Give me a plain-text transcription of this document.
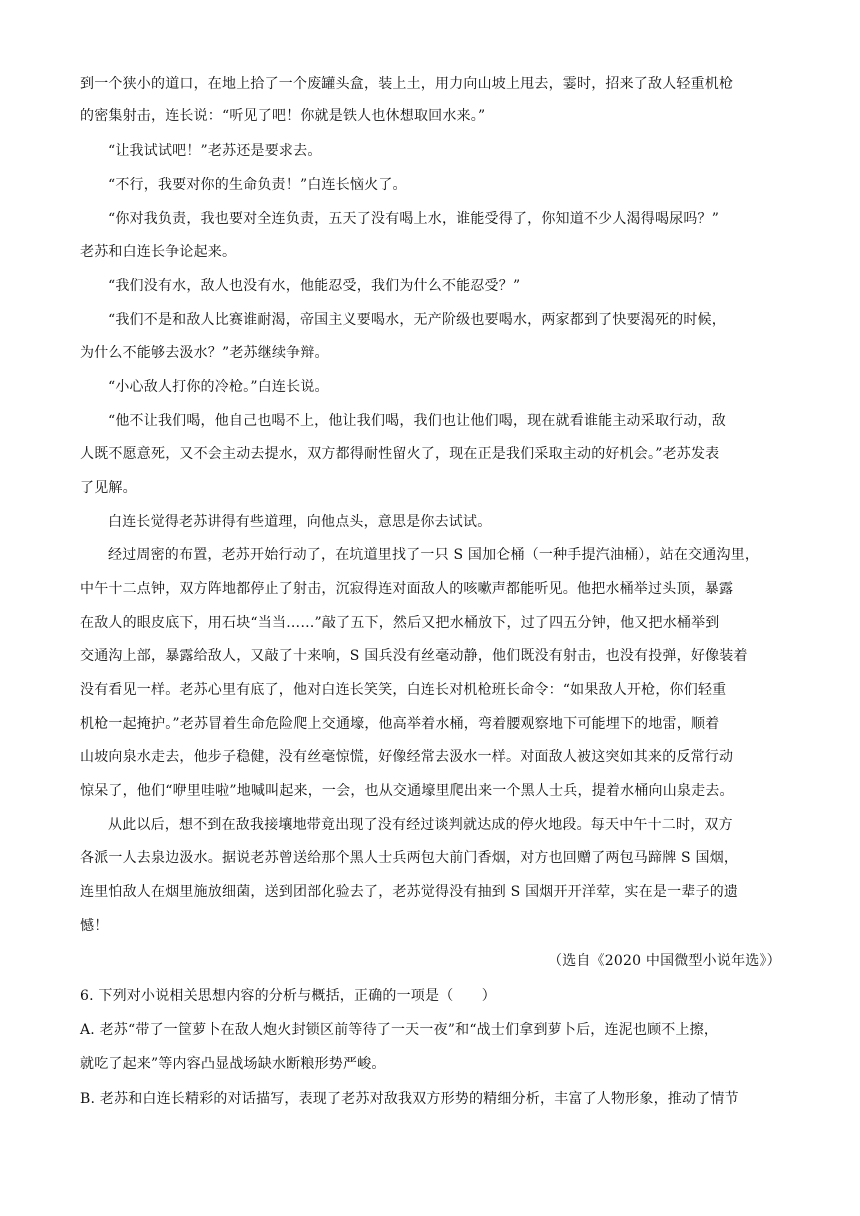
到一个狭小的道口，在地上拾了一个废罐头盒，装上土，用力向山坡上甩去，霎时，招来了敌人轻重机枪
的密集射击，连长说：“听见了吧！你就是铁人也休想取回水来。”
“让我试试吧！”老苏还是要求去。
“不行，我要对你的生命负责！”白连长恼火了。
“你对我负责，我也要对全连负责，五天了没有喝上水，谁能受得了，你知道不少人渴得喝尿吗？”
老苏和白连长争论起来。
“我们没有水，敌人也没有水，他能忍受，我们为什么不能忍受？”
“我们不是和敌人比赛谁耐渴，帝国主义要喝水，无产阶级也要喝水，两家都到了快要渴死的时候，
为什么不能够去汲水？”老苏继续争辩。
“小心敌人打你的冷枪。”白连长说。
“他不让我们喝，他自己也喝不上，他让我们喝，我们也让他们喝，现在就看谁能主动采取行动，敌
人既不愿意死，又不会主动去提水，双方都得耐性留火了，现在正是我们采取主动的好机会。”老苏发表
了见解。
白连长觉得老苏讲得有些道理，向他点头，意思是你去试试。
经过周密的布置，老苏开始行动了，在坑道里找了一只 S 国加仑桶（一种手提汽油桶），站在交通沟里，
中午十二点钟，双方阵地都停止了射击，沉寂得连对面敌人的咳嗽声都能听见。他把水桶举过头顶，暴露
在敌人的眼皮底下，用石块“当当……”敲了五下，然后又把水桶放下，过了四五分钟，他又把水桶举到
交通沟上部，暴露给敌人，又敲了十来响，S 国兵没有丝毫动静，他们既没有射击，也没有投弹，好像装着
没有看见一样。老苏心里有底了，他对白连长笑笑，白连长对机枪班长命令：“如果敌人开枪，你们轻重
机枪一起掩护。”老苏冒着生命危险爬上交通壕，他高举着水桶，弯着腰观察地下可能埋下的地雷，顺着
山坡向泉水走去，他步子稳健，没有丝毫惊慌，好像经常去汲水一样。对面敌人被这突如其来的反常行动
惊呆了，他们“咿里哇啦”地喊叫起来，一会，也从交通壕里爬出来一个黑人士兵，提着水桶向山泉走去。
从此以后，想不到在敌我接壤地带竟出现了没有经过谈判就达成的停火地段。每天中午十二时，双方
各派一人去泉边汲水。据说老苏曾送给那个黑人士兵两包大前门香烟，对方也回赠了两包马蹄牌 S 国烟，
连里怕敌人在烟里施放细菌，送到团部化验去了，老苏觉得没有抽到 S 国烟开开洋荤，实在是一辈子的遗
憾！
（选自《2020 中国微型小说年选》）
6. 下列对小说相关思想内容的分析与概括，正确的一项是（　　）
A. 老苏“带了一筐萝卜在敌人炮火封锁区前等待了一天一夜”和“战士们拿到萝卜后，连泥也顾不上擦，
就吃了起来”等内容凸显战场缺水断粮形势严峻。
B. 老苏和白连长精彩的对话描写，表现了老苏对敌我双方形势的精细分析，丰富了人物形象，推动了情节
